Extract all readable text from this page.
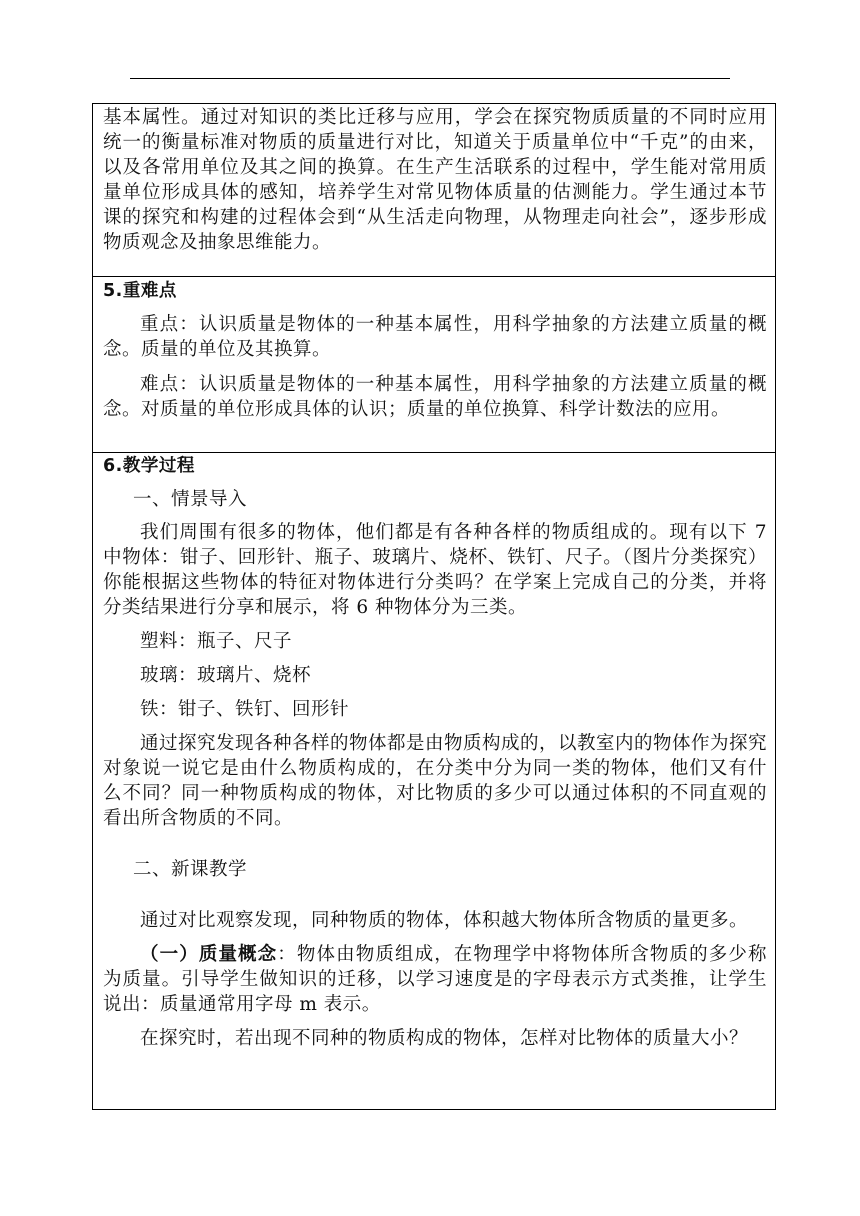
基本属性。通过对知识的类比迁移与应用，学会在探究物质质量的不同时应用统一的衡量标准对物质的质量进行对比，知道关于质量单位中“千克”的由来，以及各常用单位及其之间的换算。在生产生活联系的过程中，学生能对常用质量单位形成具体的感知，培养学生对常见物体质量的估测能力。学生通过本节课的探究和构建的过程体会到“从生活走向物理，从物理走向社会”，逐步形成物质观念及抽象思维能力。

5.重难点

重点：认识质量是物体的一种基本属性，用科学抽象的方法建立质量的概念。质量的单位及其换算。

难点：认识质量是物体的一种基本属性，用科学抽象的方法建立质量的概念。对质量的单位形成具体的认识；质量的单位换算、科学计数法的应用。

6.教学过程

一、情景导入

我们周围有很多的物体，他们都是有各种各样的物质组成的。现有以下 7 中物体：钳子、回形针、瓶子、玻璃片、烧杯、铁钉、尺子。（图片分类探究）你能根据这些物体的特征对物体进行分类吗？在学案上完成自己的分类，并将分类结果进行分享和展示，将 6 种物体分为三类。

塑料：瓶子、尺子

玻璃：玻璃片、烧杯

铁：钳子、铁钉、回形针

通过探究发现各种各样的物体都是由物质构成的，以教室内的物体作为探究对象说一说它是由什么物质构成的，在分类中分为同一类的物体，他们又有什么不同？同一种物质构成的物体，对比物质的多少可以通过体积的不同直观的看出所含物质的不同。

二、新课教学

通过对比观察发现，同种物质的物体，体积越大物体所含物质的量更多。

（一）质量概念：物体由物质组成，在物理学中将物体所含物质的多少称为质量。引导学生做知识的迁移，以学习速度是的字母表示方式类推，让学生说出：质量通常用字母 m 表示。

在探究时，若出现不同种的物质构成的物体，怎样对比物体的质量大小？
